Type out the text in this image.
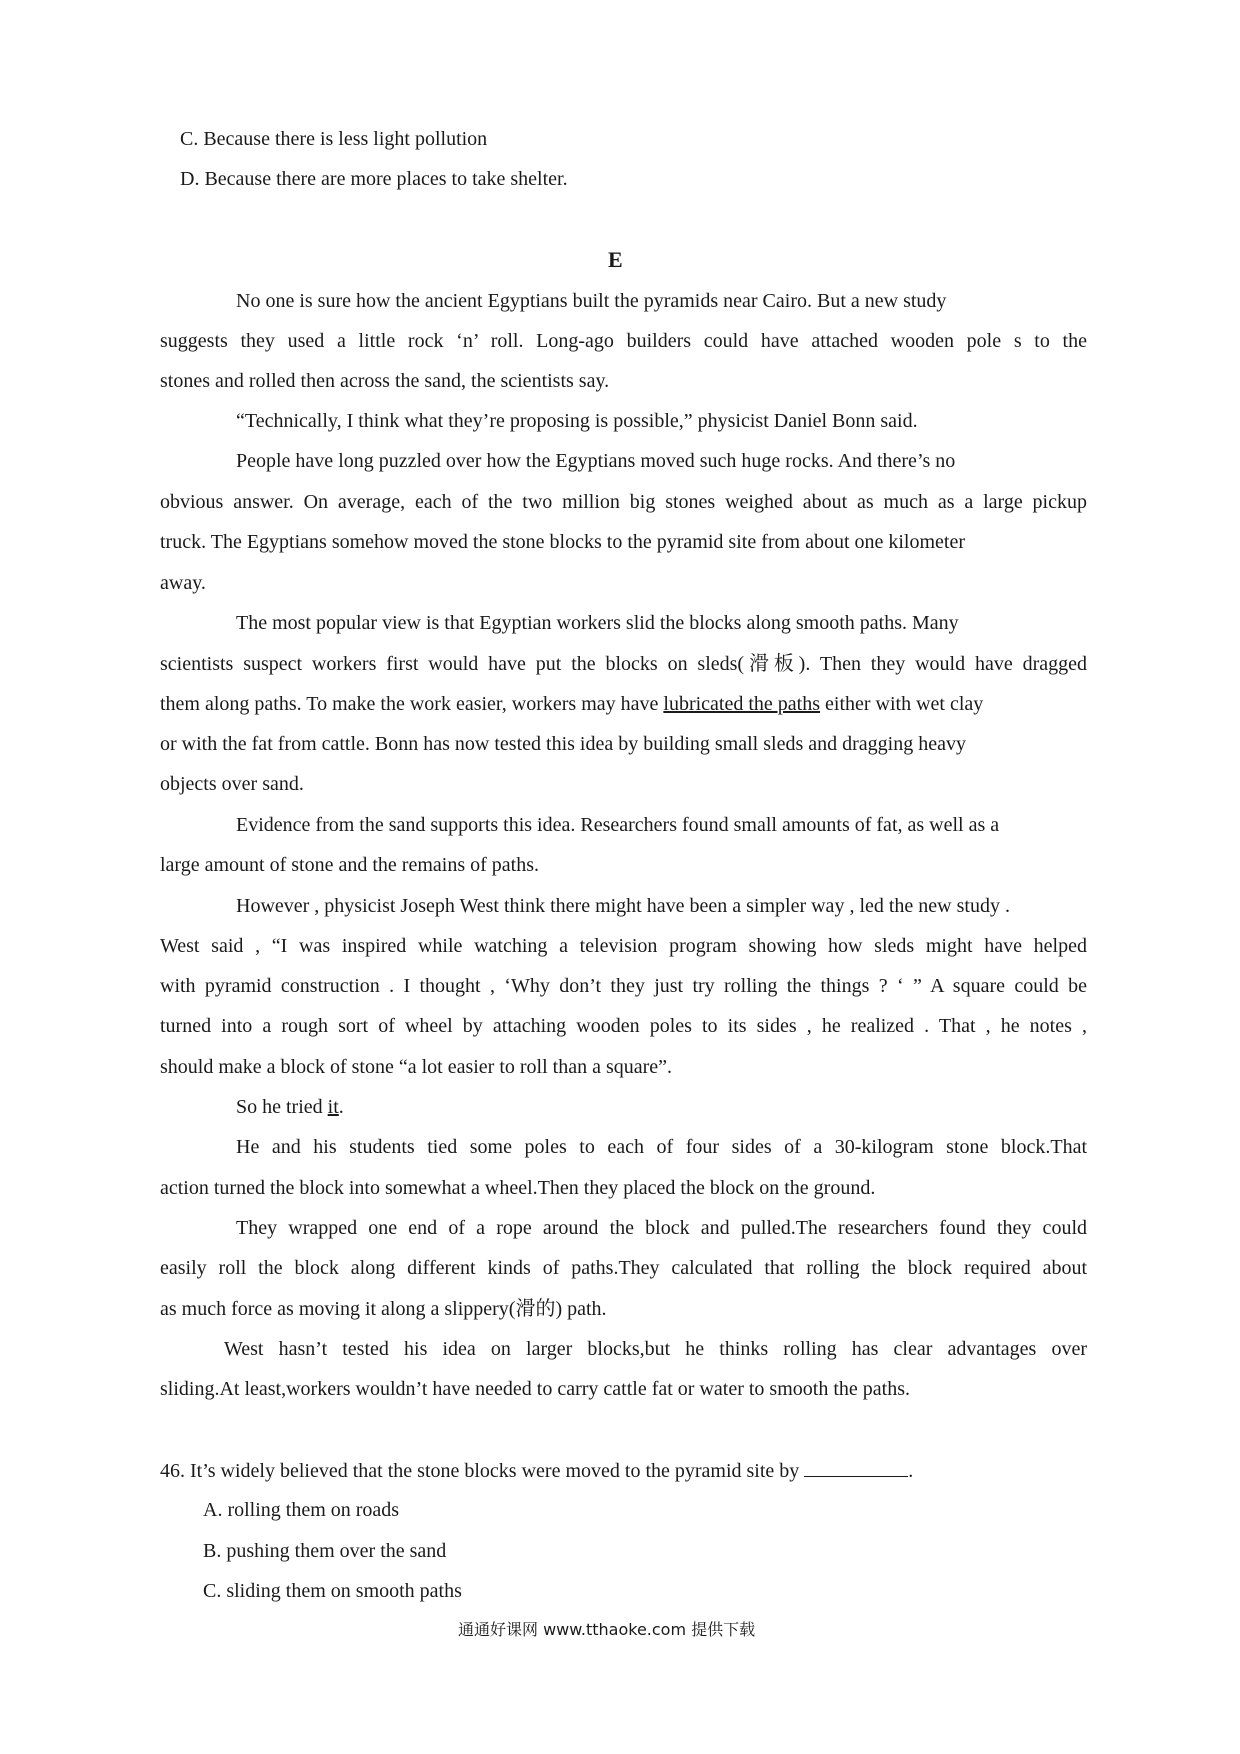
C. Because there is less light pollution
D. Because there are more places to take shelter.
E
No one is sure how the ancient Egyptians built the pyramids near Cairo. But a new study
suggests they used a little rock ‘n’ roll. Long-ago builders could have attached wooden pole s to the
stones and rolled then across the sand, the scientists say.
“Technically, I think what they’re proposing is possible,” physicist Daniel Bonn said.
People have long puzzled over how the Egyptians moved such huge rocks. And there’s no
obvious answer. On average, each of the two million big stones weighed about as much as a large pickup
truck. The Egyptians somehow moved the stone blocks to the pyramid site from about one kilometer
away.
The most popular view is that Egyptian workers slid the blocks along smooth paths. Many
scientists suspect workers first would have put the blocks on sleds(滑板). Then they would have dragged
them along paths. To make the work easier, workers may have lubricated the paths either with wet clay
or with the fat from cattle. Bonn has now tested this idea by building small sleds and dragging heavy
objects over sand.
Evidence from the sand supports this idea. Researchers found small amounts of fat, as well as a
large amount of stone and the remains of paths.
However , physicist Joseph West think there might have been a simpler way , led the new study .
West said , “I was inspired while watching a television program showing how sleds might have helped
with pyramid construction . I thought , ‘Why don’t they just try rolling the things ? ‘ ” A square could be
turned into a rough sort of wheel by attaching wooden poles to its sides , he realized . That , he notes ,
should make a block of stone “a lot easier to roll than a square”.
So he tried it.
He and his students tied some poles to each of four sides of a 30-kilogram stone block.That
action turned the block into somewhat a wheel.Then they placed the block on the ground.
They wrapped one end of a rope around the block and pulled.The researchers found they could
easily roll the block along different kinds of paths.They calculated that rolling the block required about
as much force as moving it along a slippery(滑的) path.
West hasn’t tested his idea on larger blocks,but he thinks rolling has clear advantages over
sliding.At least,workers wouldn’t have needed to carry cattle fat or water to smooth the paths.
46. It’s widely believed that the stone blocks were moved to the pyramid site by	.
A. rolling them on roads
B. pushing them over the sand
C. sliding them on smooth paths
通通好课网 www.tthaoke.com 提供下载
